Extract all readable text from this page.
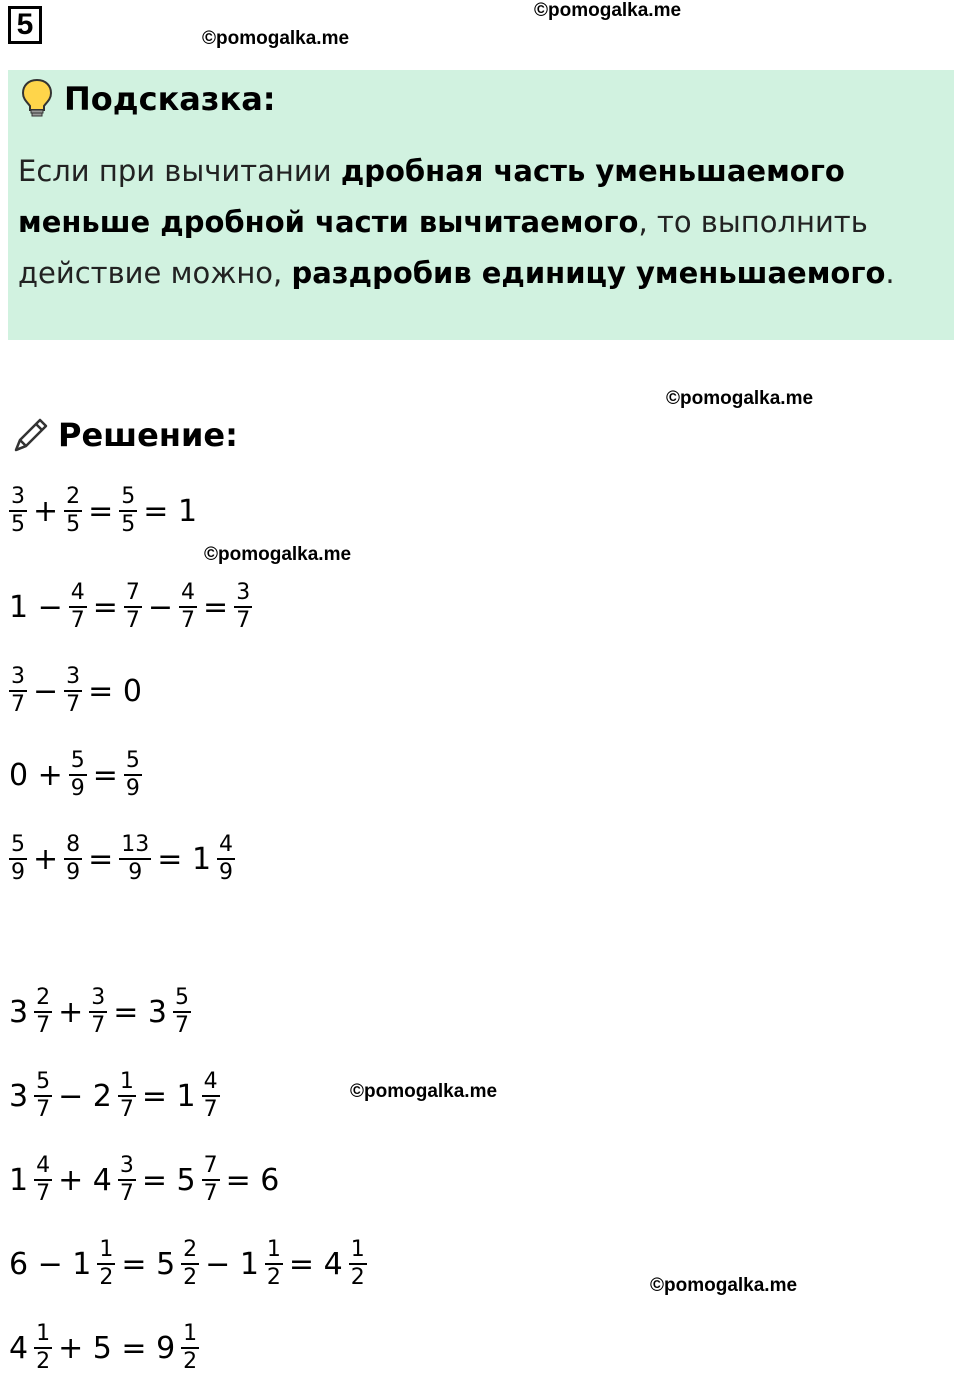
5	©pomogalka.me
©pomogalka.me
Подсказка:
Если при вычитании дробная часть уменьшаемого меньше дробной части вычитаемого, то выполнить действие можно, раздробив единицу уменьшаемого.
©pomogalka.me
Решение:
©pomogalka.me
©pomogalka.me
©pomogalka.me
$\frac{3}{5} + \frac{2}{5} = \frac{5}{5} = 1$
$1 - \frac{4}{7} = \frac{7}{7} - \frac{4}{7} = \frac{3}{7}$
$\frac{3}{7} - \frac{3}{7} = 0$
$0 + \frac{5}{9} = \frac{5}{9}$
$\frac{5}{9} + \frac{8}{9} = \frac{13}{9} = 1 \frac{4}{9}$
$3 \frac{2}{7} + \frac{3}{7} = 3 \frac{5}{7}$
$3 \frac{5}{7} - 2 \frac{1}{7} = 1 \frac{4}{7}$
$1 \frac{4}{7} + 4 \frac{3}{7} = 5 \frac{7}{7} = 6$
$6 - 1 \frac{1}{2} = 5 \frac{2}{2} - 1 \frac{1}{2} = 4 \frac{1}{2}$
$4 \frac{1}{2} + 5 = 9 \frac{1}{2}$
